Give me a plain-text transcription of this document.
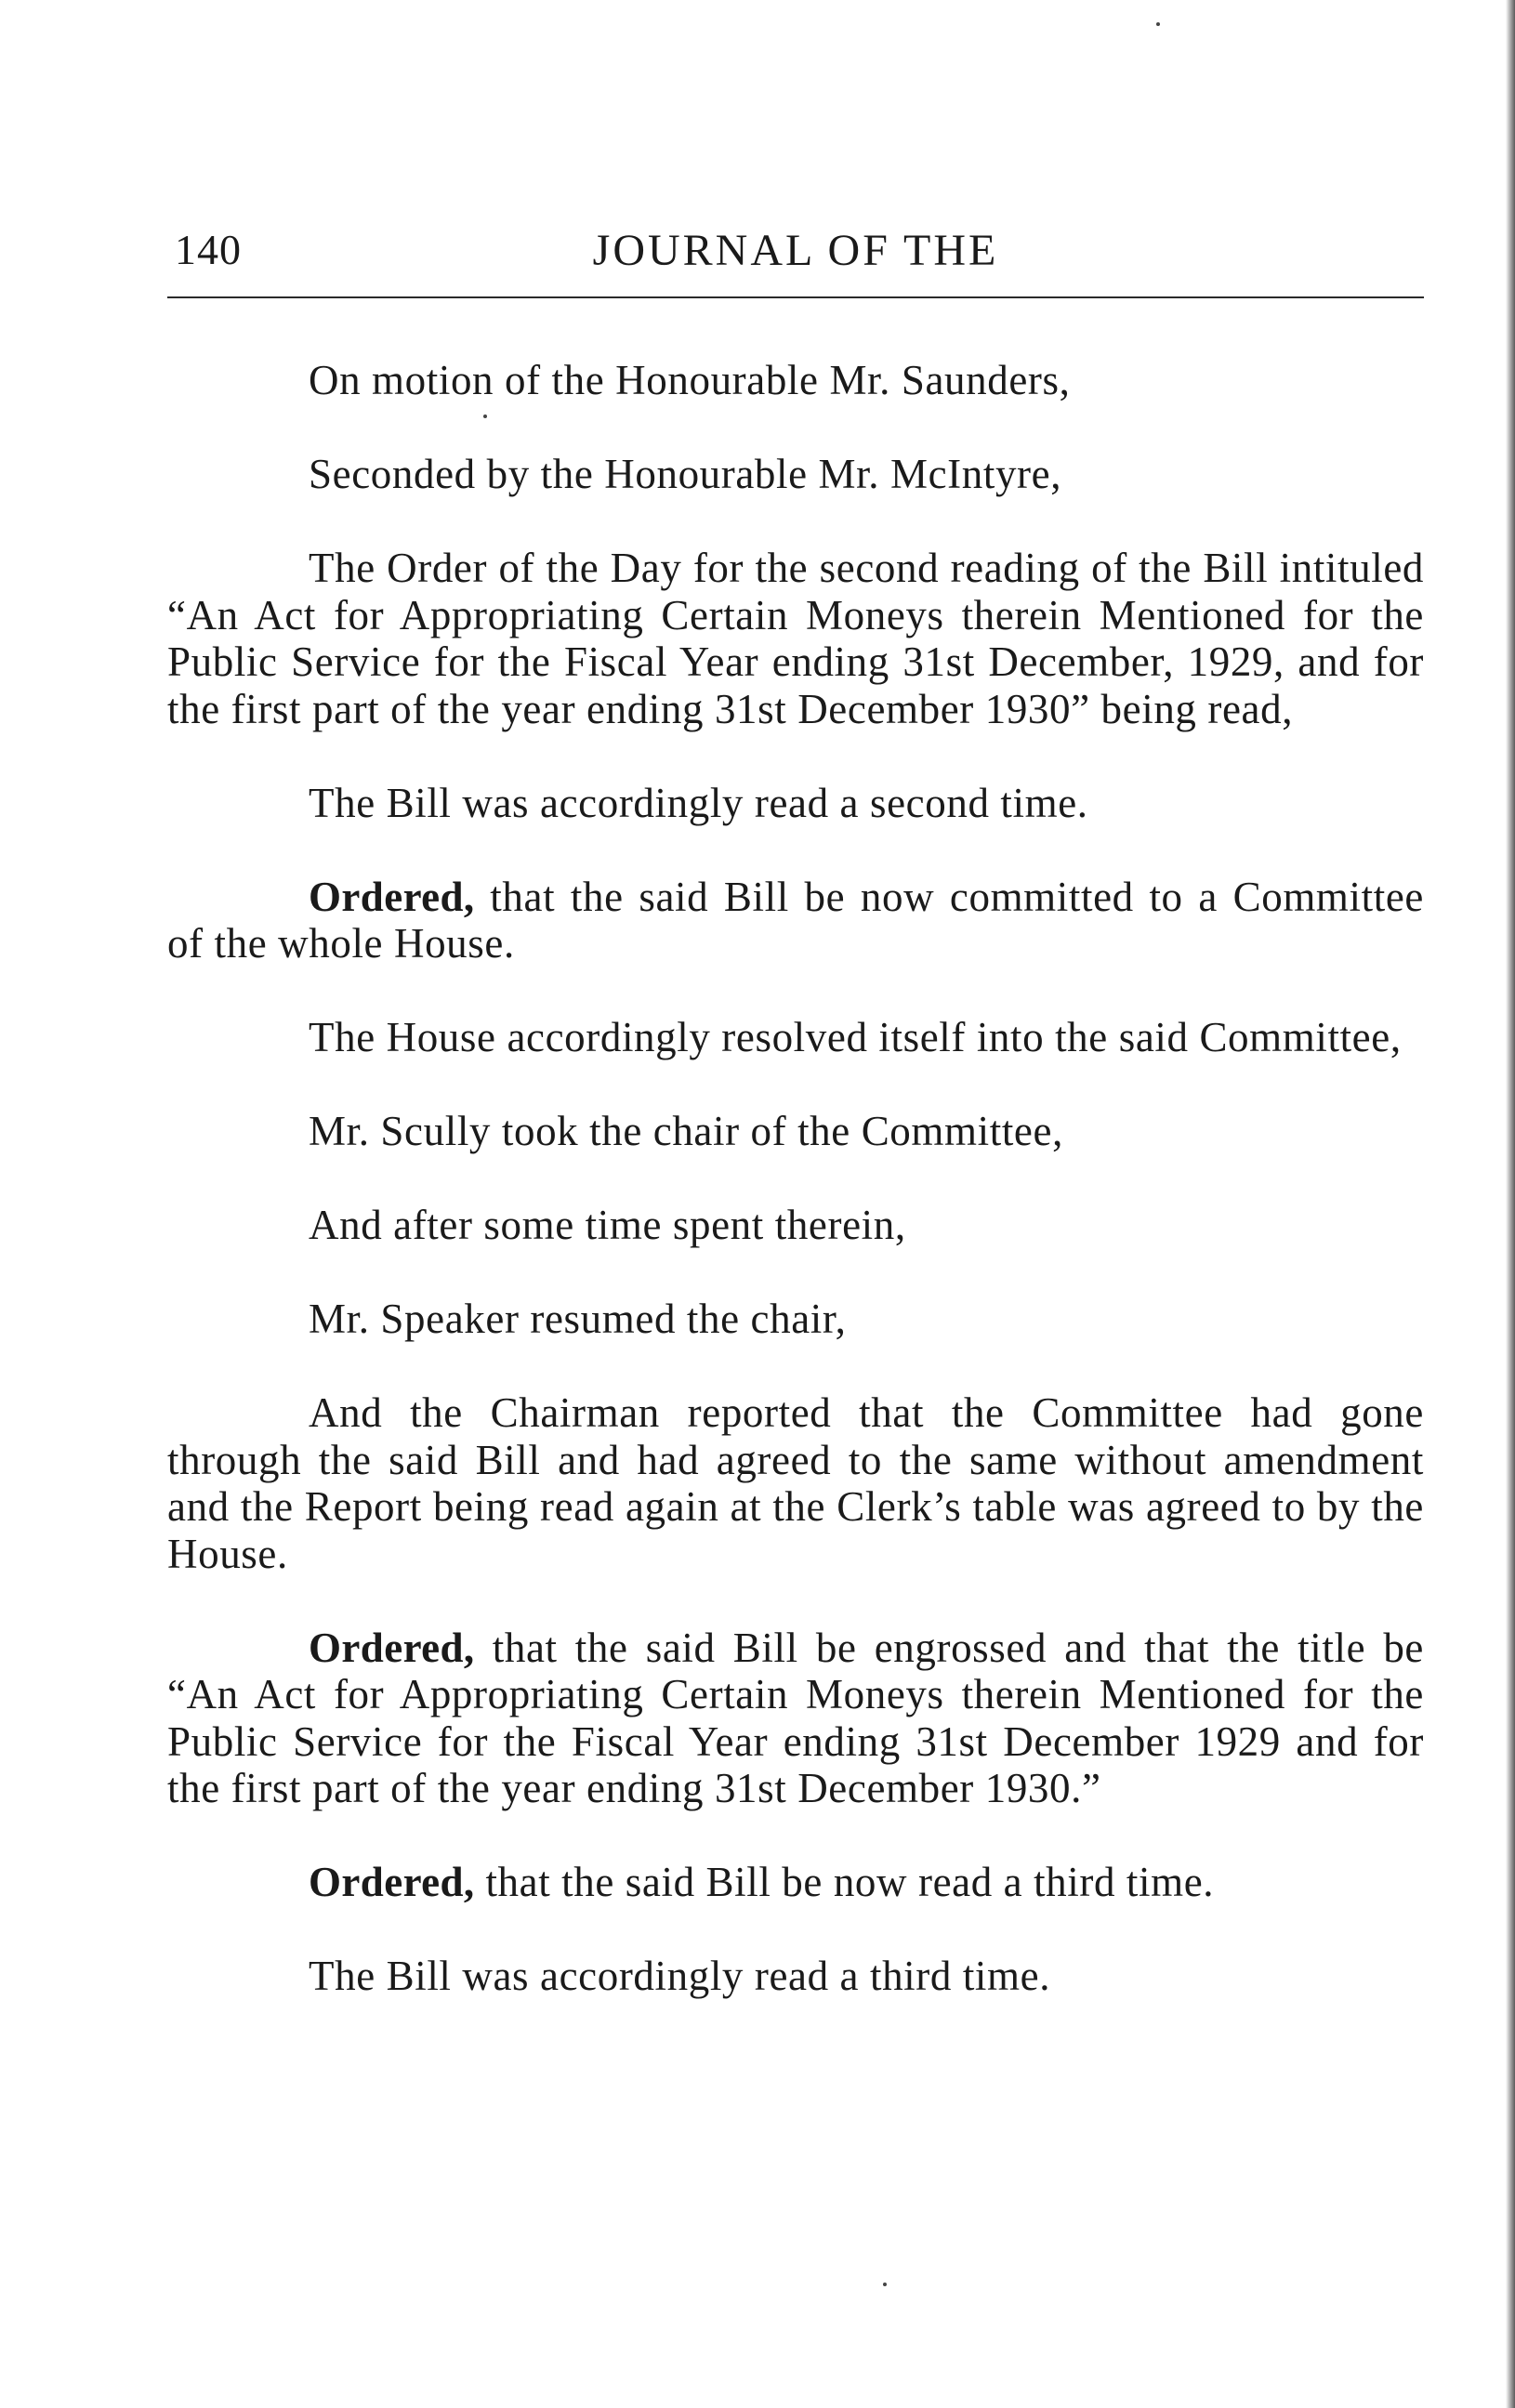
140	JOURNAL OF THE

On motion of the Honourable Mr. Saunders,

Seconded by the Honourable Mr. McIntyre,

The Order of the Day for the second reading of the Bill intituled “An Act for Appropriating Certain Moneys therein Mentioned for the Public Service for the Fiscal Year ending 31st December, 1929, and for the first part of the year ending 31st December 1930” being read,

The Bill was accordingly read a second time.

Ordered, that the said Bill be now committed to a Committee of the whole House.

The House accordingly resolved itself into the said Committee,

Mr. Scully took the chair of the Committee,

And after some time spent therein,

Mr. Speaker resumed the chair,

And the Chairman reported that the Committee had gone through the said Bill and had agreed to the same without amendment and the Report being read again at the Clerk’s table was agreed to by the House.

Ordered, that the said Bill be engrossed and that the title be “An Act for Appropriating Certain Moneys therein Mentioned for the Public Service for the Fiscal Year ending 31st December 1929 and for the first part of the year ending 31st December 1930.”

Ordered, that the said Bill be now read a third time.

The Bill was accordingly read a third time.
